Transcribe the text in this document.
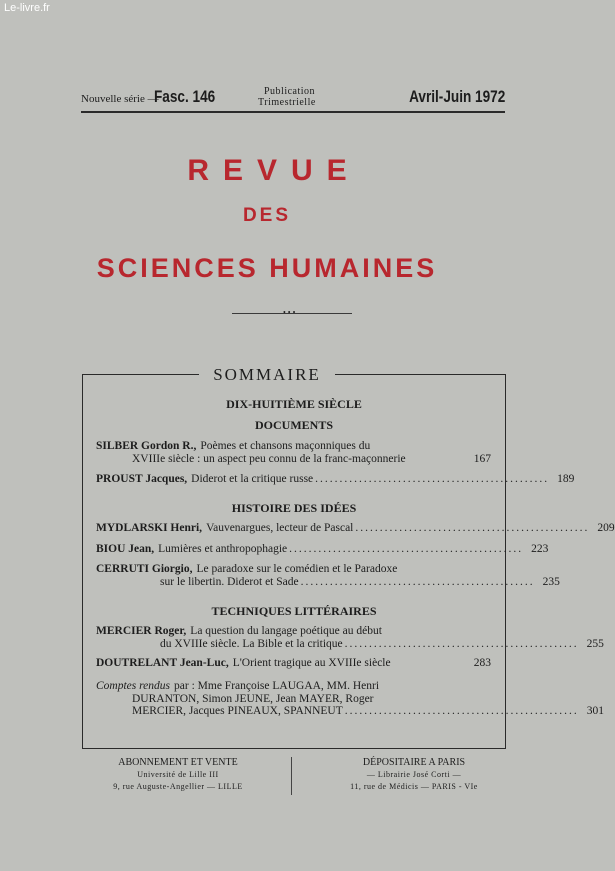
Le-livre.fr
Nouvelle série —
Fasc. 146	Publication
Trimestrielle	Avril-Juin 1972
REVUE
DES
SCIENCES HUMAINES
• • •
SOMMAIRE
DIX-HUITIÈME SIÈCLE
DOCUMENTS
SILBER Gordon R., Poèmes et chansons maçonniques du
XVIIIe siècle : un aspect peu connu de la franc-maçonnerie	167
PROUST Jacques, Diderot et la critique russe ................................................ 189
HISTOIRE DES IDÉES
MYDLARSKI Henri, Vauvenargues, lecteur de Pascal ................................................ 209
BIOU Jean, Lumières et anthropophagie ................................................ 223
CERRUTI Giorgio, Le paradoxe sur le comédien et le Paradoxe
sur le libertin. Diderot et Sade ................................................ 235
TECHNIQUES LITTÉRAIRES
MERCIER Roger, La question du langage poétique au début
du XVIIIe siècle. La Bible et la critique ................................................ 255
DOUTRELANT Jean-Luc, L'Orient tragique au XVIIIe siècle	283
Comptes rendus par : Mme Françoise LAUGAA, MM. Henri
DURANTON, Simon JEUNE, Jean MAYER, Roger
MERCIER, Jacques PINEAUX, SPANNEUT ................................................ 301
ABONNEMENT ET VENTE
Université de Lille III
9, rue Auguste-Angellier — LILLE
DÉPOSITAIRE A PARIS
— Librairie José Corti —
11, rue de Médicis — PARIS - VIe
